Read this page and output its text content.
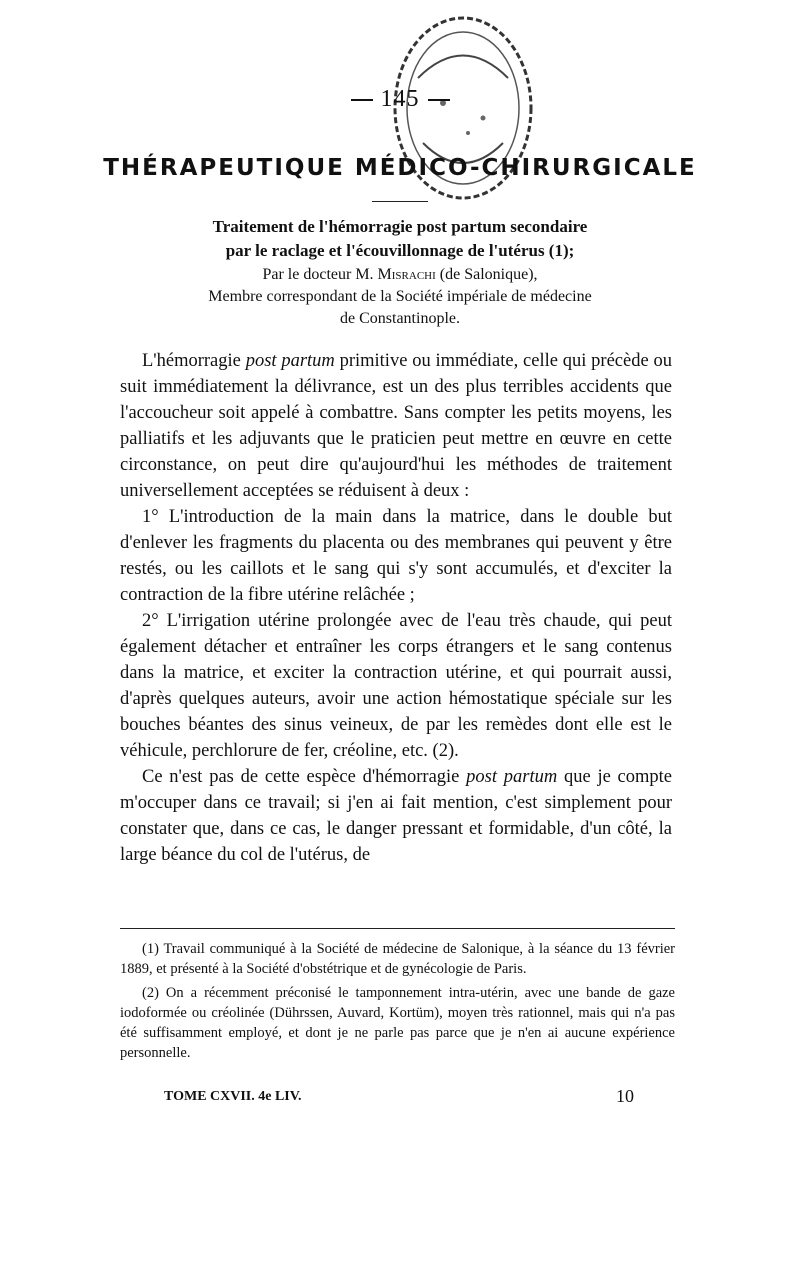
145
THÉRAPEUTIQUE MÉDICO-CHIRURGICALE
Traitement de l'hémorragie post partum secondaire
par le raclage et l'écouvillonnage de l'utérus (1);
Par le docteur M. Misrachi (de Salonique),
Membre correspondant de la Société impériale de médecine
de Constantinople.

L'hémorragie post partum primitive ou immédiate, celle qui précède ou suit immédiatement la délivrance, est un des plus terribles accidents que l'accoucheur soit appelé à combattre. Sans compter les petits moyens, les palliatifs et les adjuvants que le praticien peut mettre en œuvre en cette circonstance, on peut dire qu'aujourd'hui les méthodes de traitement universellement acceptées se réduisent à deux :

1° L'introduction de la main dans la matrice, dans le double but d'enlever les fragments du placenta ou des membranes qui peuvent y être restés, ou les caillots et le sang qui s'y sont accumulés, et d'exciter la contraction de la fibre utérine relâchée ;

2° L'irrigation utérine prolongée avec de l'eau très chaude, qui peut également détacher et entraîner les corps étrangers et le sang contenus dans la matrice, et exciter la contraction utérine, et qui pourrait aussi, d'après quelques auteurs, avoir une action hémostatique spéciale sur les bouches béantes des sinus veineux, de par les remèdes dont elle est le véhicule, perchlorure de fer, créoline, etc. (2).

Ce n'est pas de cette espèce d'hémorragie post partum que je compte m'occuper dans ce travail; si j'en ai fait mention, c'est simplement pour constater que, dans ce cas, le danger pressant et formidable, d'un côté, la large béance du col de l'utérus, de

(1) Travail communiqué à la Société de médecine de Salonique, à la séance du 13 février 1889, et présenté à la Société d'obstétrique et de gynécologie de Paris.

(2) On a récemment préconisé le tamponnement intra-utérin, avec une bande de gaze iodoformée ou créolinée (Dührssen, Auvard, Kortüm), moyen très rationnel, mais qui n'a pas été suffisamment employé, et dont je ne parle pas parce que je n'en ai aucune expérience personnelle.

TOME CXVII. 4e LIV.	10
